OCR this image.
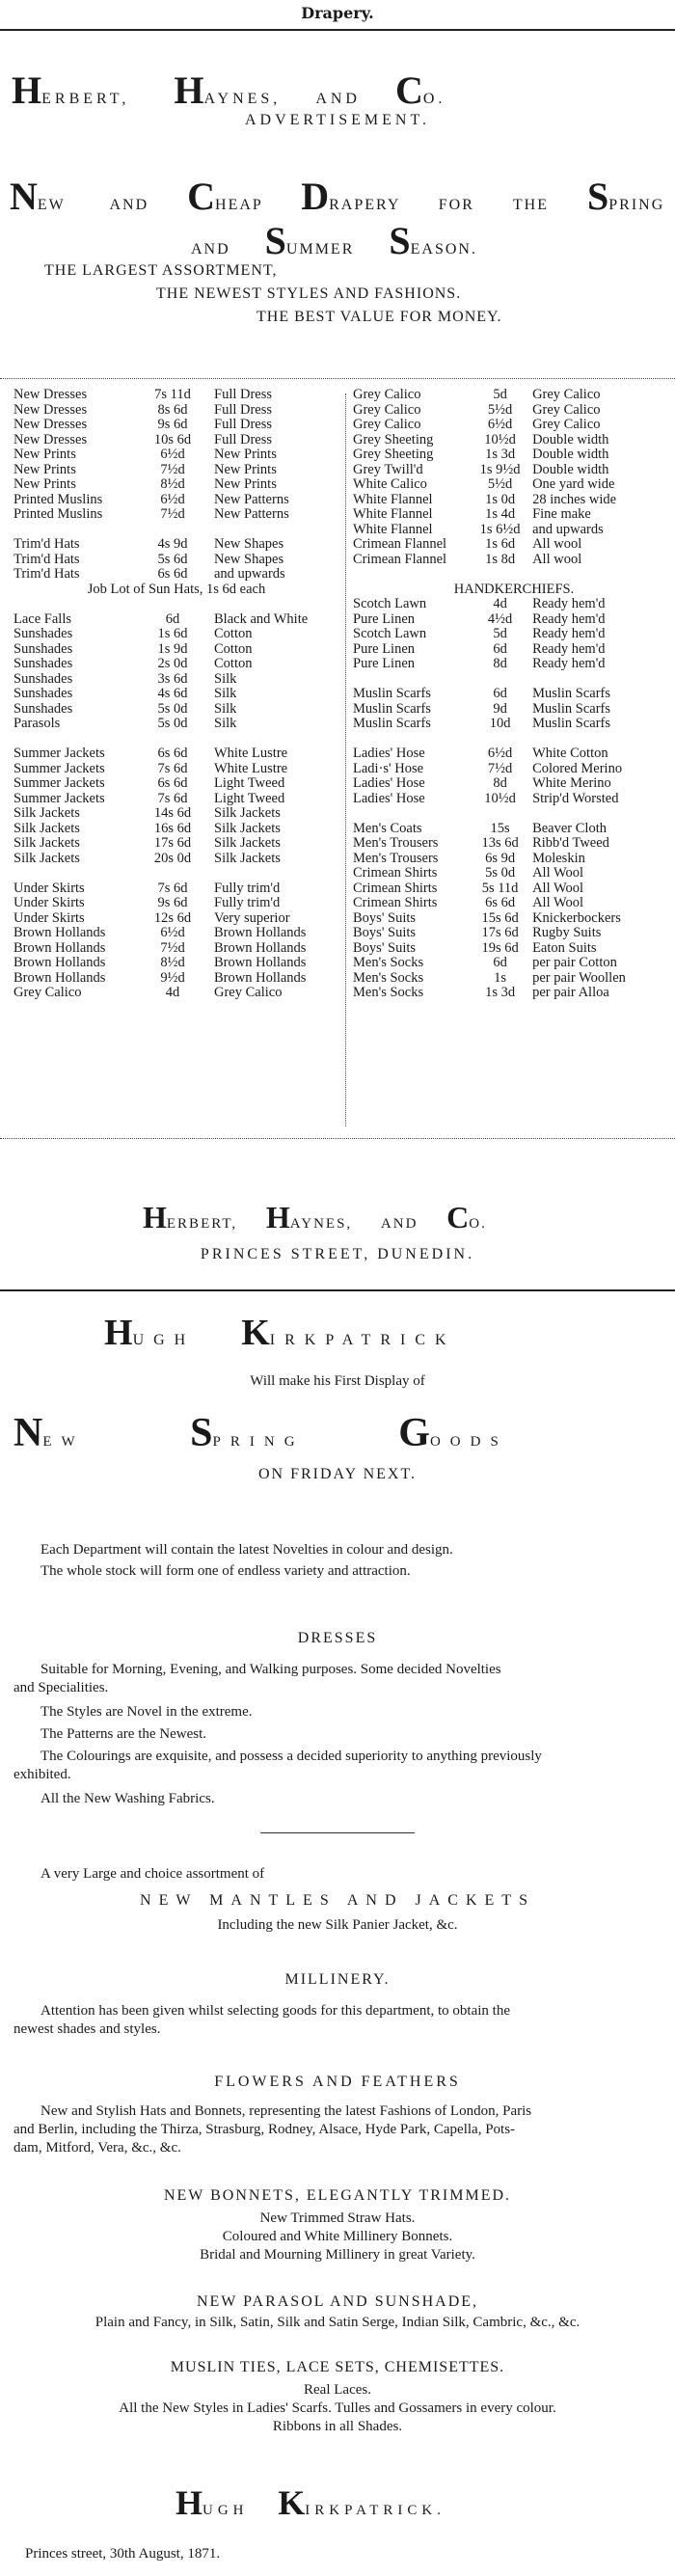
Drapery.
HERBERT, HAYNES, AND CO.
ADVERTISEMENT.
NEW	AND CHEAP DRAPERY	FOR	THE SPRING
AND SUMMER SEASON.
THE LARGEST ASSORTMENT,
THE NEWEST STYLES AND FASHIONS.
THE BEST VALUE FOR MONEY.
New Dresses	7s 11d	Full Dress
New Dresses	8s 6d	Full Dress
New Dresses	9s 6d	Full Dress
New Dresses	10s 6d	Full Dress
New Prints	6½d	New Prints
New Prints	7½d	New Prints
New Prints	8½d	New Prints
Printed Muslins	6½d	New Patterns
Printed Muslins	7½d	New Patterns

Trim'd Hats	4s 9d	New Shapes
Trim'd Hats	5s 6d	New Shapes
Trim'd Hats	6s 6d	and upwards
Job Lot of Sun Hats, 1s 6d each		

Lace Falls	6d	Black and White
Sunshades	1s 6d	Cotton
Sunshades	1s 9d	Cotton
Sunshades	2s 0d	Cotton
Sunshades	3s 6d	Silk
Sunshades	4s 6d	Silk
Sunshades	5s 0d	Silk
Parasols	5s 0d	Silk

Summer Jackets	6s 6d	White Lustre
Summer Jackets	7s 6d	White Lustre
Summer Jackets	6s 6d	Light Tweed
Summer Jackets	7s 6d	Light Tweed
Silk Jackets	14s 6d	Silk Jackets
Silk Jackets	16s 6d	Silk Jackets
Silk Jackets	17s 6d	Silk Jackets
Silk Jackets	20s 0d	Silk Jackets

Under Skirts	7s 6d	Fully trim'd
Under Skirts	9s 6d	Fully trim'd
Under Skirts	12s 6d	Very superior
Brown Hollands	6½d	Brown Hollands
Brown Hollands	7½d	Brown Hollands
Brown Hollands	8½d	Brown Hollands
Brown Hollands	9½d	Brown Hollands
Grey Calico	4d	Grey Calico
Grey Calico	5d	Grey Calico
Grey Calico	5½d	Grey Calico
Grey Calico	6½d	Grey Calico
Grey Sheeting	10½d	Double width
Grey Sheeting	1s 3d	Double width
Grey Twill'd	1s 9½d	Double width
White Calico	5½d	One yard wide
White Flannel	1s 0d	28 inches wide
White Flannel	1s 4d	Fine make
White Flannel	1s 6½d	and upwards
Crimean Flannel	1s 6d	All wool
Crimean Flannel	1s 8d	All wool

HANDKERCHIEFS.		
Scotch Lawn	4d	Ready hem'd
Pure Linen	4½d	Ready hem'd
Scotch Lawn	5d	Ready hem'd
Pure Linen	6d	Ready hem'd
Pure Linen	8d	Ready hem'd

Muslin Scarfs	6d	Muslin Scarfs
Muslin Scarfs	9d	Muslin Scarfs
Muslin Scarfs	10d	Muslin Scarfs

Ladies' Hose	6½d	White Cotton
Ladi·s' Hose	7½d	Colored Merino
Ladies' Hose	8d	White Merino
Ladies' Hose	10½d	Strip'd Worsted

Men's Coats	15s	Beaver Cloth
Men's Trousers	13s 6d	Ribb'd Tweed
Men's Trousers	6s 9d	Moleskin
Crimean Shirts	5s 0d	All Wool
Crimean Shirts	5s 11d	All Wool
Crimean Shirts	6s 6d	All Wool
Boys' Suits	15s 6d	Knickerbockers
Boys' Suits	17s 6d	Rugby Suits
Boys' Suits	19s 6d	Eaton Suits
Men's Socks	6d	per pair Cotton
Men's Socks	1s	per pair Woollen
Men's Socks	1s 3d	per pair Alloa
HERBERT, HAYNES, AND CO.
PRINCES STREET, DUNEDIN.
HUGH KIRKPATRICK
Will make his First Display of
NEW	SPRING GOODS
ON FRIDAY NEXT.
Each Department will contain the latest Novelties in colour and design.
The whole stock will form one of endless variety and attraction.
DRESSES
Suitable for Morning, Evening, and Walking purposes. Some decided Novelties
and Specialities.
The Styles are Novel in the extreme.
The Patterns are the Newest.
The Colourings are exquisite, and possess a decided superiority to anything previously
exhibited.
All the New Washing Fabrics.
A very Large and choice assortment of
NEW MANTLES AND JACKETS
Including the new Silk Panier Jacket, &c.
MILLINERY.
Attention has been given whilst selecting goods for this department, to obtain the
newest shades and styles.
FLOWERS AND FEATHERS
New and Stylish Hats and Bonnets, representing the latest Fashions of London, Paris
and Berlin, including the Thirza, Strasburg, Rodney, Alsace, Hyde Park, Capella, Pots-
dam, Mitford, Vera, &c., &c.
NEW BONNETS, ELEGANTLY TRIMMED.
New Trimmed Straw Hats.
Coloured and White Millinery Bonnets.
Bridal and Mourning Millinery in great Variety.
NEW PARASOL AND SUNSHADE,
Plain and Fancy, in Silk, Satin, Silk and Satin Serge, Indian Silk, Cambric, &c., &c.
MUSLIN TIES, LACE SETS, CHEMISETTES.
Real Laces.
All the New Styles in Ladies' Scarfs. Tulles and Gossamers in every colour.
Ribbons in all Shades.
HUGH KIRKPATRICK.
Princes street, 30th August, 1871.
